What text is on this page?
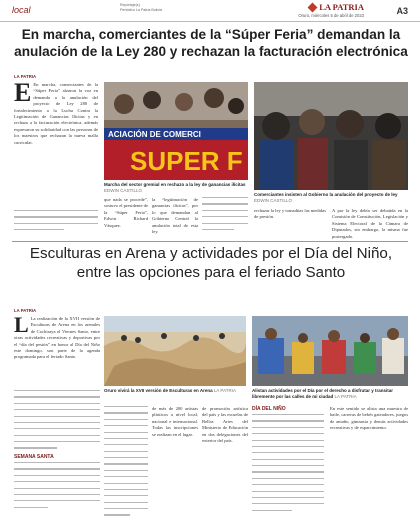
local	Reportaje(s)
Periódico La Patria Bolivia	LA PATRIA
Oruro, miércoles 5 de abril de 2023	A3
En marcha, comerciantes de la “Súper Feria” demandan la anulación de la Ley 280 y rechazan la facturación electrónica
LA PATRIA
E En marcha, comerciantes de la “Súper Feria” alzaron la voz en demanda a la anulación del proyecto de Ley 280 de fortalecimiento a la Lucha Contra la Legitimación de Ganancias Ilícitas y en rechazo a la facturación electrónica, además expresaron su solidaridad con las personas de los maestros que rechazan la nueva malla curricular.
ACIACIÓN DE COMERCI
SUPER F
Marcha del sector gremial en rechazo a la ley de ganancias ilícitas EDWIN CASTILLO
Comerciantes insisten al Gobierno la anulación del proyecto de ley EDWIN CASTILLO
que nada se procede”, sostuvo el presidente de la “Súper Feria”, Edwin Richard Vásquez.
la “legitimación de ganancias ilícitas”, por lo que demandan al Gobierno Central la anulación total de esta ley.
rechazar la ley y tomaditas las medidas de presión.
A por la ley debía ser debatida en la Comisión de Constitución, Legislación y Sistema Electoral de la Cámara de Diputados, sin embargo, la misma fue postergada.
Esculturas en Arena y actividades por el Día del Niño, entre las opciones para el feriado Santo
LA PATRIA
L La realización de la XVII versión de Esculturas de Arena en los arenales de Cochiraya el Viernes Santo, entre otras actividades recreativas y deportivas por el “día del pestón” en honor al Día del Niño este domingo, son parte de la agenda programada para el feriado Santo.
SEMANA SANTA
Oruro vivirá la XVII versión de Esculturas en Arena LA PATRIA	Alistan actividades por el Día por el derecho a disfrutar y transitar libremente por las calles de mi ciudad LA PATRIA
de más de 200 artistas plásticos a nivel local, nacional e internacional. Todas las inscripciones se realizan en el lugar.
de promoción artística del país y las escuelas de Bellas Artes del Ministerio de Educación en dos delegaciones del exterior del país.
DÍA DEL NIÑO	En este sentido se alista una muestra de baile, carreras de bebés gateadores, juegos de antaño, gimnasia y demás actividades recreativas y de esparcimiento.
